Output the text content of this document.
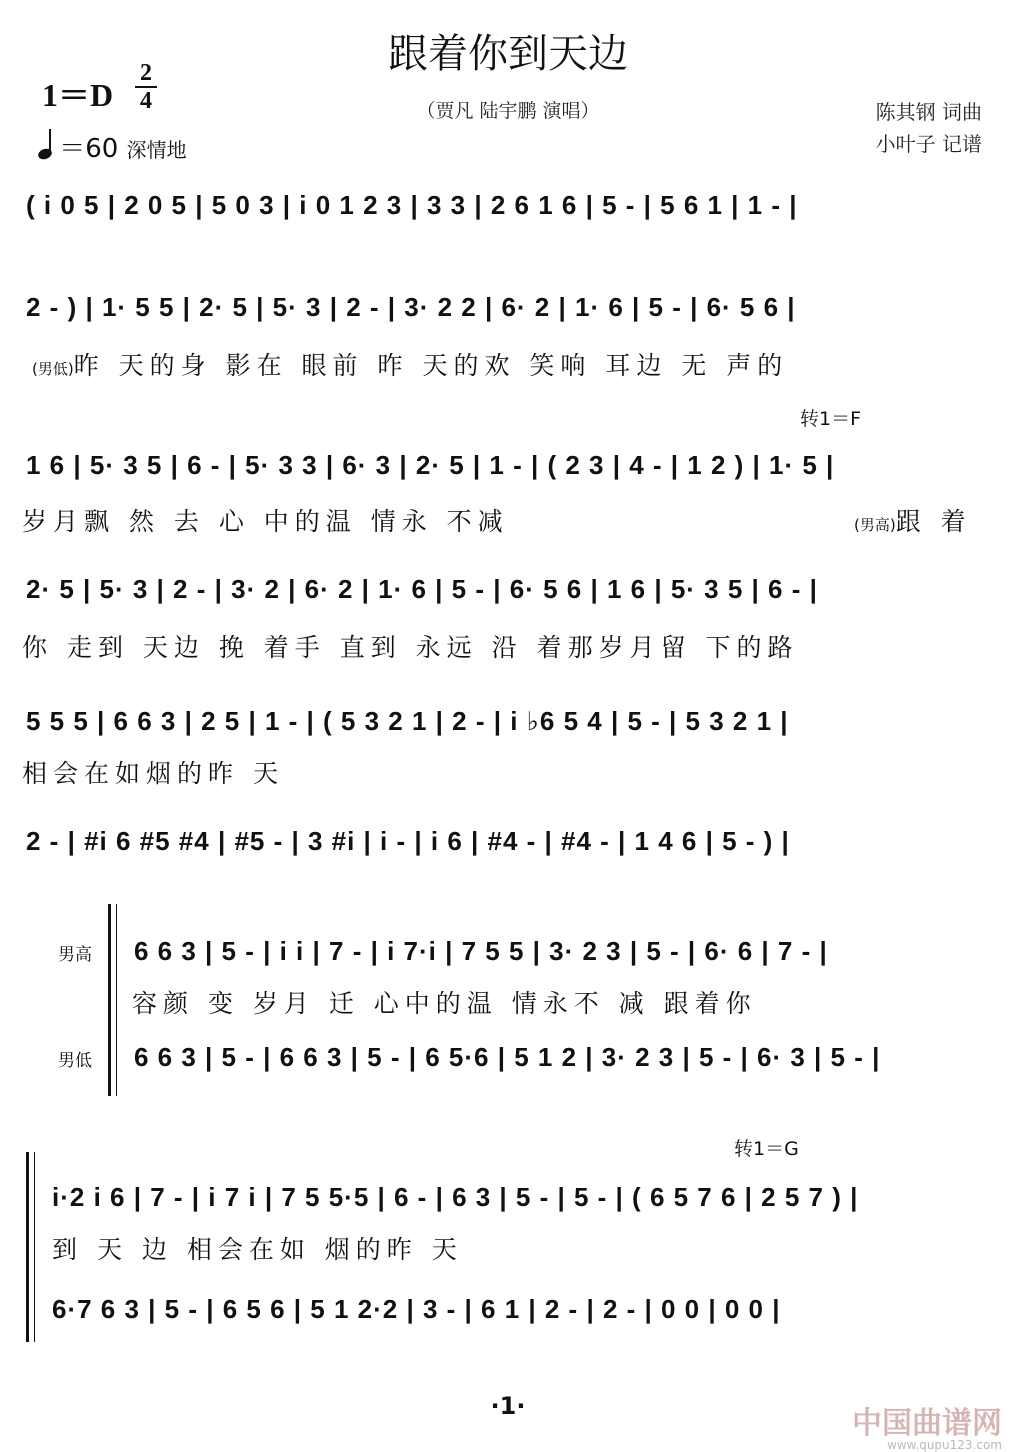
跟着你到天边
（贾凡 陆宇鹏 演唱）
1＝D
2
4
＝60 深情地
陈其钢 词曲
小叶子 记谱
( i 0 5 | 2 0 5 | 5 0 3 | i 0 1 2 3 | 3 3 | 2 6 1 6 | 5 - | 5 6 1 | 1 - |
2 - ) | 1· 5 5 | 2· 5 | 5· 3 | 2 - | 3· 2 2 | 6· 2 | 1· 6 | 5 - | 6· 5 6 |
(男低)昨 天的身 影在 眼前 昨 天的欢 笑响 耳边 无 声的
转1＝F
1 6 | 5· 3 5 | 6 - | 5· 3 3 | 6· 3 | 2· 5 | 1 - | ( 2 3 | 4 - | 1 2 ) | 1· 5 |
岁月飘 然 去 心 中的温 情永 不减	(男高)跟 着
2· 5 | 5· 3 | 2 - | 3· 2 | 6· 2 | 1· 6 | 5 - | 6· 5 6 | 1 6 | 5· 3 5 | 6 - |
你 走到 天边 挽 着手 直到 永远 沿 着那岁月留 下的路
5 5 5 | 6 6 3 | 2 5 | 1 - | ( 5 3 2 1 | 2 - | i ♭6 5 4 | 5 - | 5 3 2 1 |
相会在如烟的昨 天
2 - | #i 6 #5 #4 | #5 - | 3 #i | i - | i 6 | #4 - | #4 - | 1 4 6 | 5 - ) |
男高
男低
6 6 3 | 5 - | i i | 7 - | i 7·i | 7 5 5 | 3· 2 3 | 5 - | 6· 6 | 7 - |
容颜 变 岁月 迁 心中的温 情永不 减 跟着你
6 6 3 | 5 - | 6 6 3 | 5 - | 6 5·6 | 5 1 2 | 3· 2 3 | 5 - | 6· 3 | 5 - |
转1＝G
i·2 i 6 | 7 - | i 7 i | 7 5 5·5 | 6 - | 6 3 | 5 - | 5 - | ( 6 5 7 6 | 2 5 7 ) |
到 天 边 相会在如 烟的昨 天
6·7 6 3 | 5 - | 6 5 6 | 5 1 2·2 | 3 - | 6 1 | 2 - | 2 - | 0 0 | 0 0 |
·1·
中国曲谱网
www.qupu123.com
